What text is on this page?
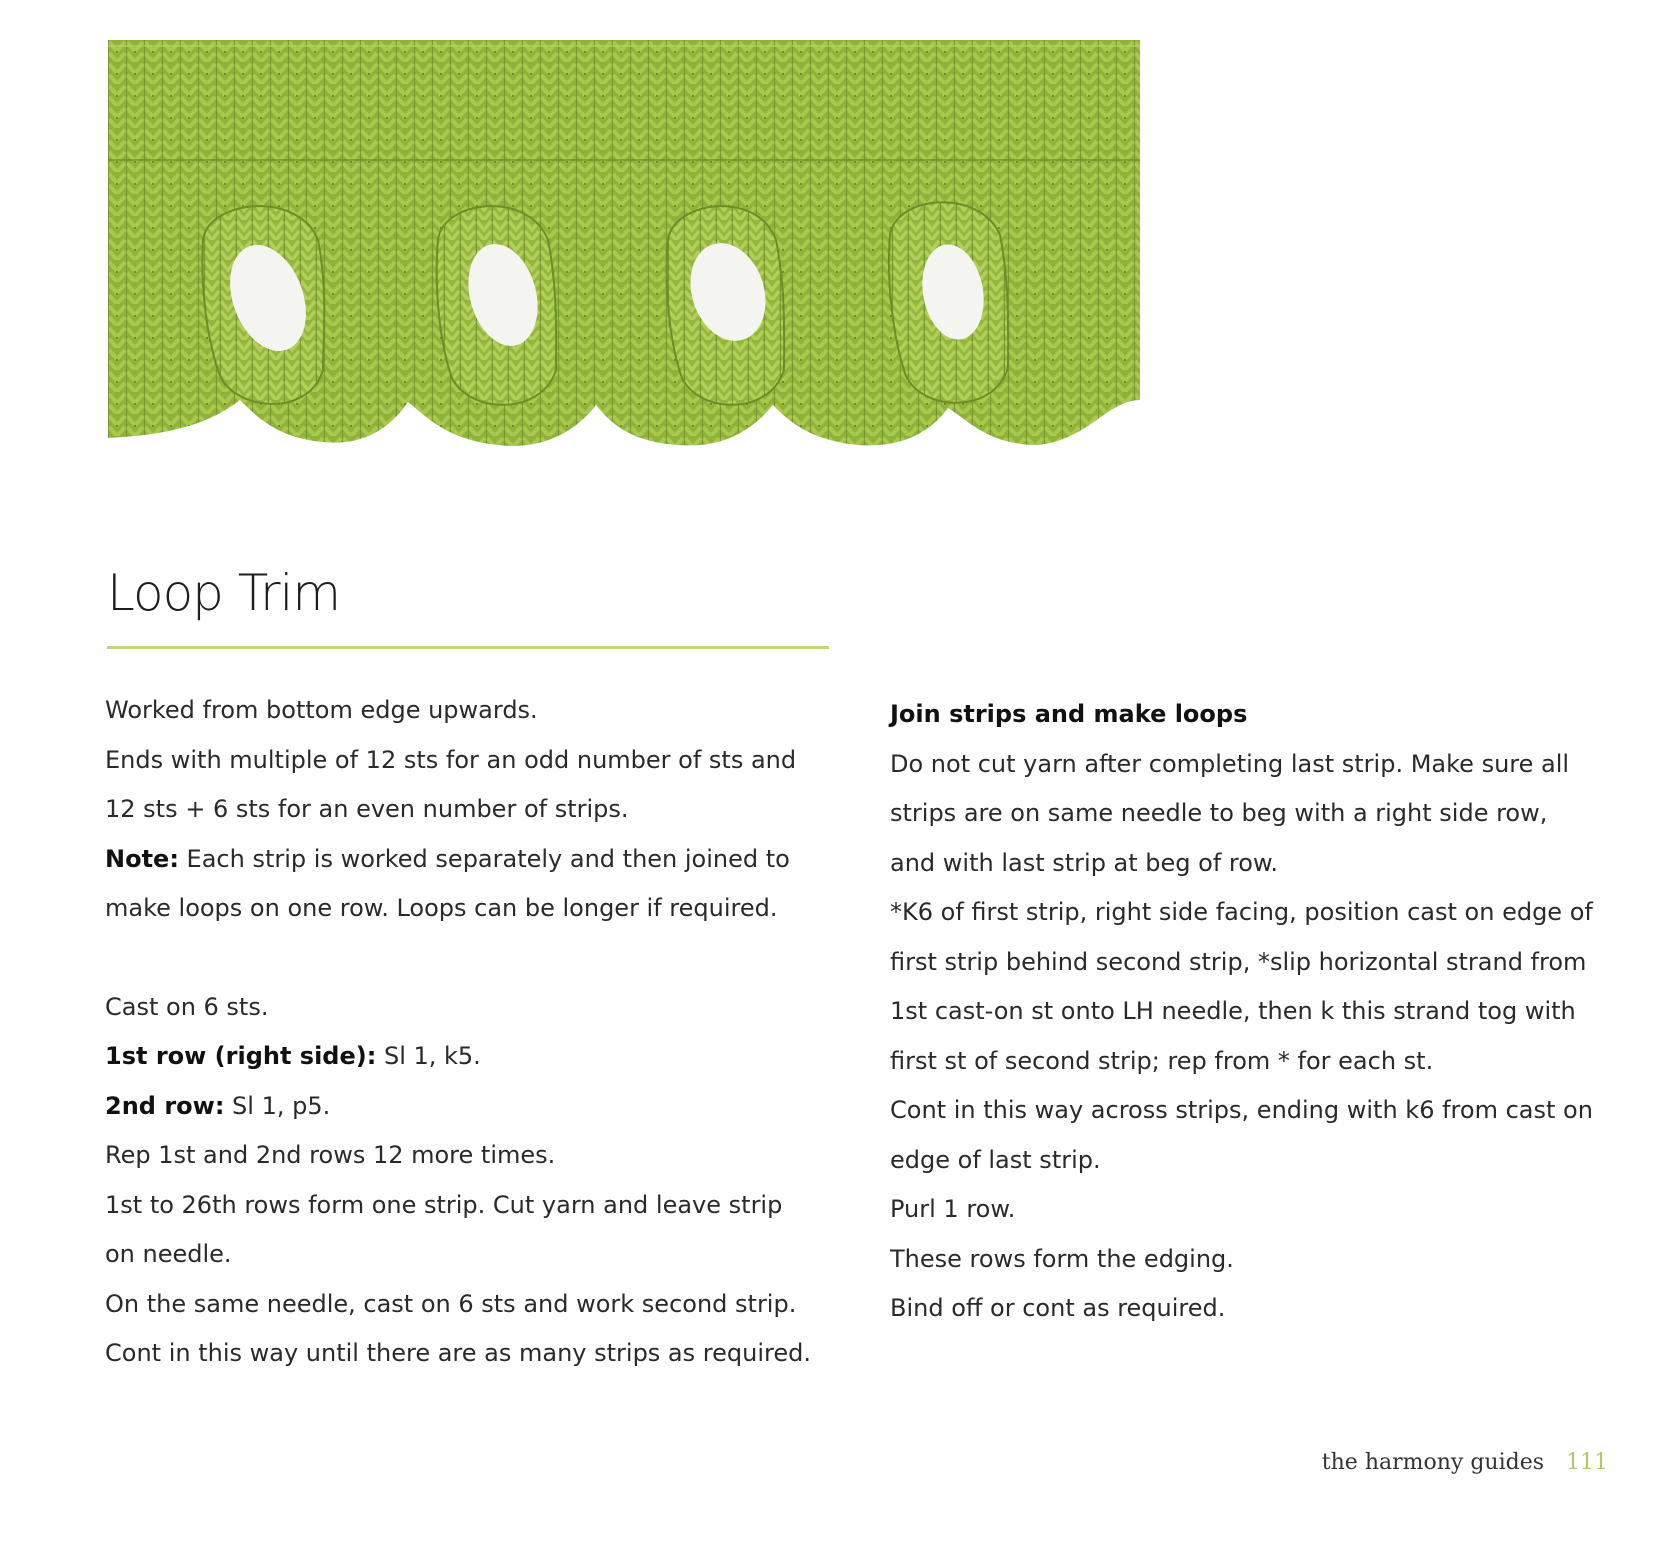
Loop Trim

Worked from bottom edge upwards.

Ends with multiple of 12 sts for an odd number of sts and

12 sts + 6 sts for an even number of strips.

Note: Each strip is worked separately and then joined to

make loops on one row. Loops can be longer if required.

Cast on 6 sts.

1st row (right side): Sl 1, k5.

2nd row: Sl 1, p5.

Rep 1st and 2nd rows 12 more times.

1st to 26th rows form one strip. Cut yarn and leave strip

on needle.

On the same needle, cast on 6 sts and work second strip.

Cont in this way until there are as many strips as required.

Join strips and make loops

Do not cut yarn after completing last strip. Make sure all

strips are on same needle to beg with a right side row,

and with last strip at beg of row.

*K6 of first strip, right side facing, position cast on edge of

first strip behind second strip, *slip horizontal strand from

1st cast-on st onto LH needle, then k this strand tog with

first st of second strip; rep from * for each st.

Cont in this way across strips, ending with k6 from cast on

edge of last strip.

Purl 1 row.

These rows form the edging.

Bind off or cont as required.

the harmony guides 111
